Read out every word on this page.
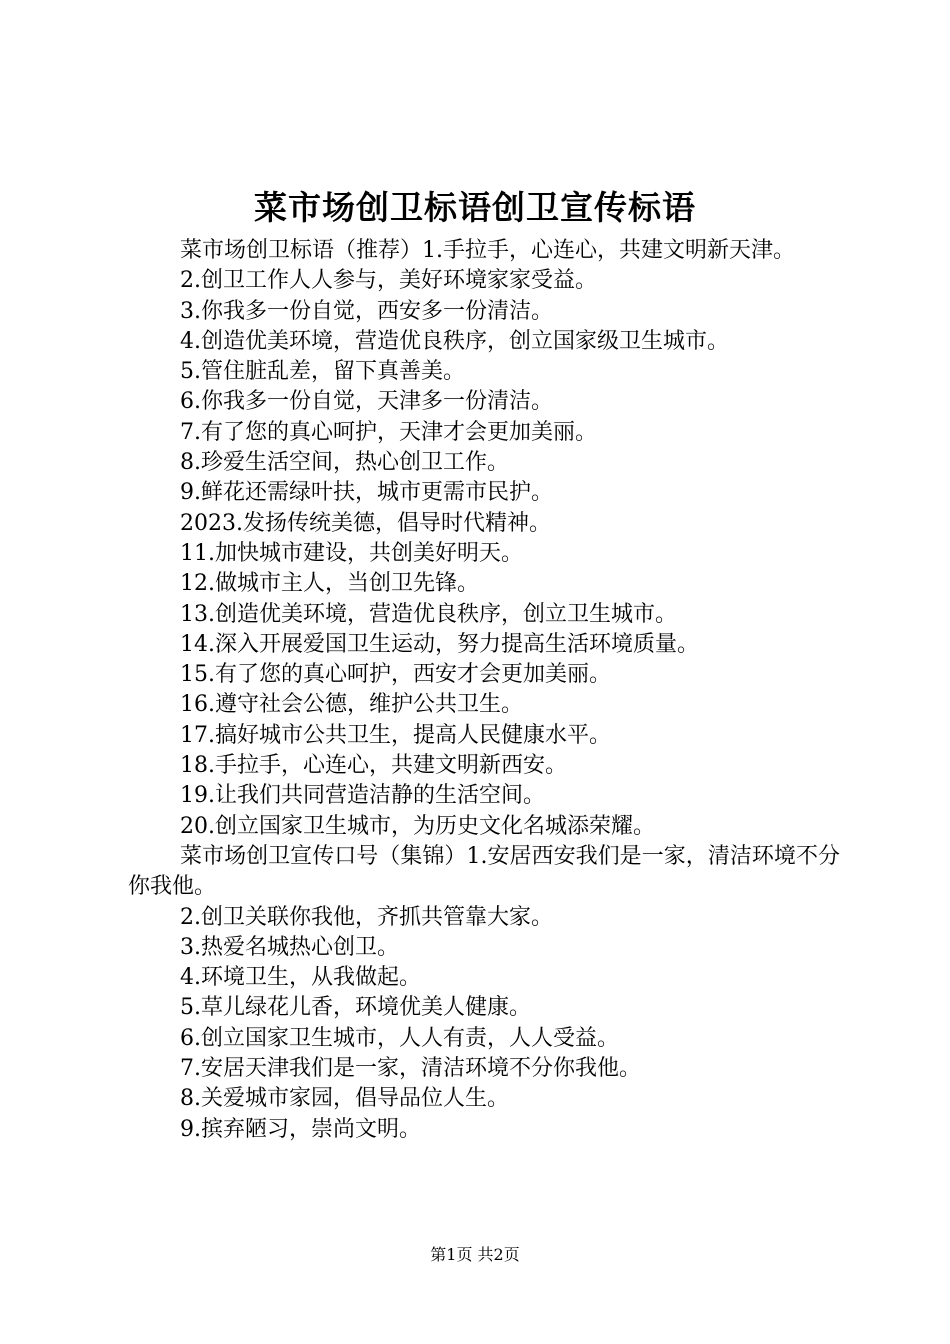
菜市场创卫标语创卫宣传标语

菜市场创卫标语（推荐）1.手拉手，心连心，共建文明新天津。

2.创卫工作人人参与，美好环境家家受益。

3.你我多一份自觉，西安多一份清洁。

4.创造优美环境，营造优良秩序，创立国家级卫生城市。

5.管住脏乱差，留下真善美。

6.你我多一份自觉，天津多一份清洁。

7.有了您的真心呵护，天津才会更加美丽。

8.珍爱生活空间，热心创卫工作。

9.鲜花还需绿叶扶，城市更需市民护。

2023.发扬传统美德，倡导时代精神。

11.加快城市建设，共创美好明天。

12.做城市主人，当创卫先锋。

13.创造优美环境，营造优良秩序，创立卫生城市。

14.深入开展爱国卫生运动，努力提高生活环境质量。

15.有了您的真心呵护，西安才会更加美丽。

16.遵守社会公德，维护公共卫生。

17.搞好城市公共卫生，提高人民健康水平。

18.手拉手，心连心，共建文明新西安。

19.让我们共同营造洁静的生活空间。

20.创立国家卫生城市，为历史文化名城添荣耀。

菜市场创卫宣传口号（集锦）1.安居西安我们是一家，清洁环境不分你我他。

2.创卫关联你我他，齐抓共管靠大家。

3.热爱名城热心创卫。

4.环境卫生，从我做起。

5.草儿绿花儿香，环境优美人健康。

6.创立国家卫生城市，人人有责，人人受益。

7.安居天津我们是一家，清洁环境不分你我他。

8.关爱城市家园，倡导品位人生。

9.摈弃陋习，崇尚文明。

第1页 共2页
